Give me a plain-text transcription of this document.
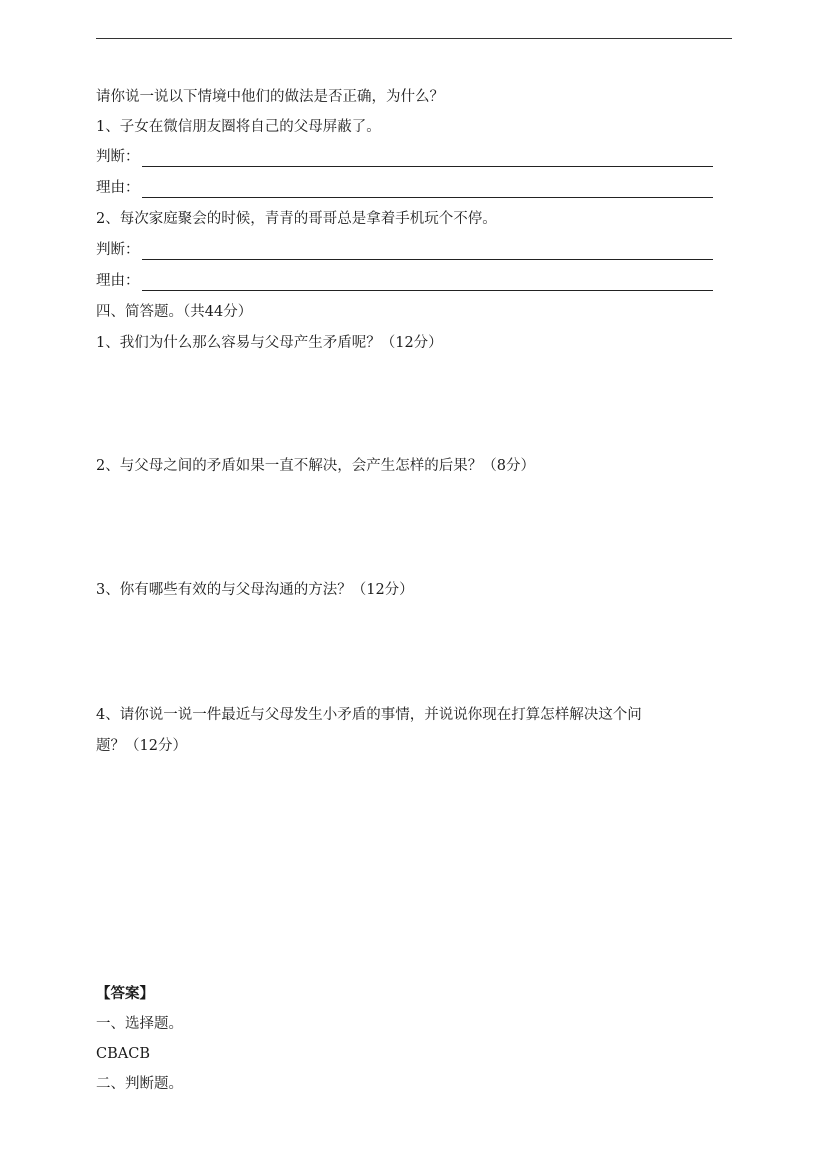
请你说一说以下情境中他们的做法是否正确，为什么？
1、子女在微信朋友圈将自己的父母屏蔽了。
判断：
理由：
2、每次家庭聚会的时候，青青的哥哥总是拿着手机玩个不停。
判断：
理由：
四、简答题。（共44分）
1、我们为什么那么容易与父母产生矛盾呢？（12分）
2、与父母之间的矛盾如果一直不解决，会产生怎样的后果？（8分）
3、你有哪些有效的与父母沟通的方法？（12分）
4、请你说一说一件最近与父母发生小矛盾的事情，并说说你现在打算怎样解决这个问
题？（12分）
【答案】
一、选择题。
CBACB
二、判断题。
